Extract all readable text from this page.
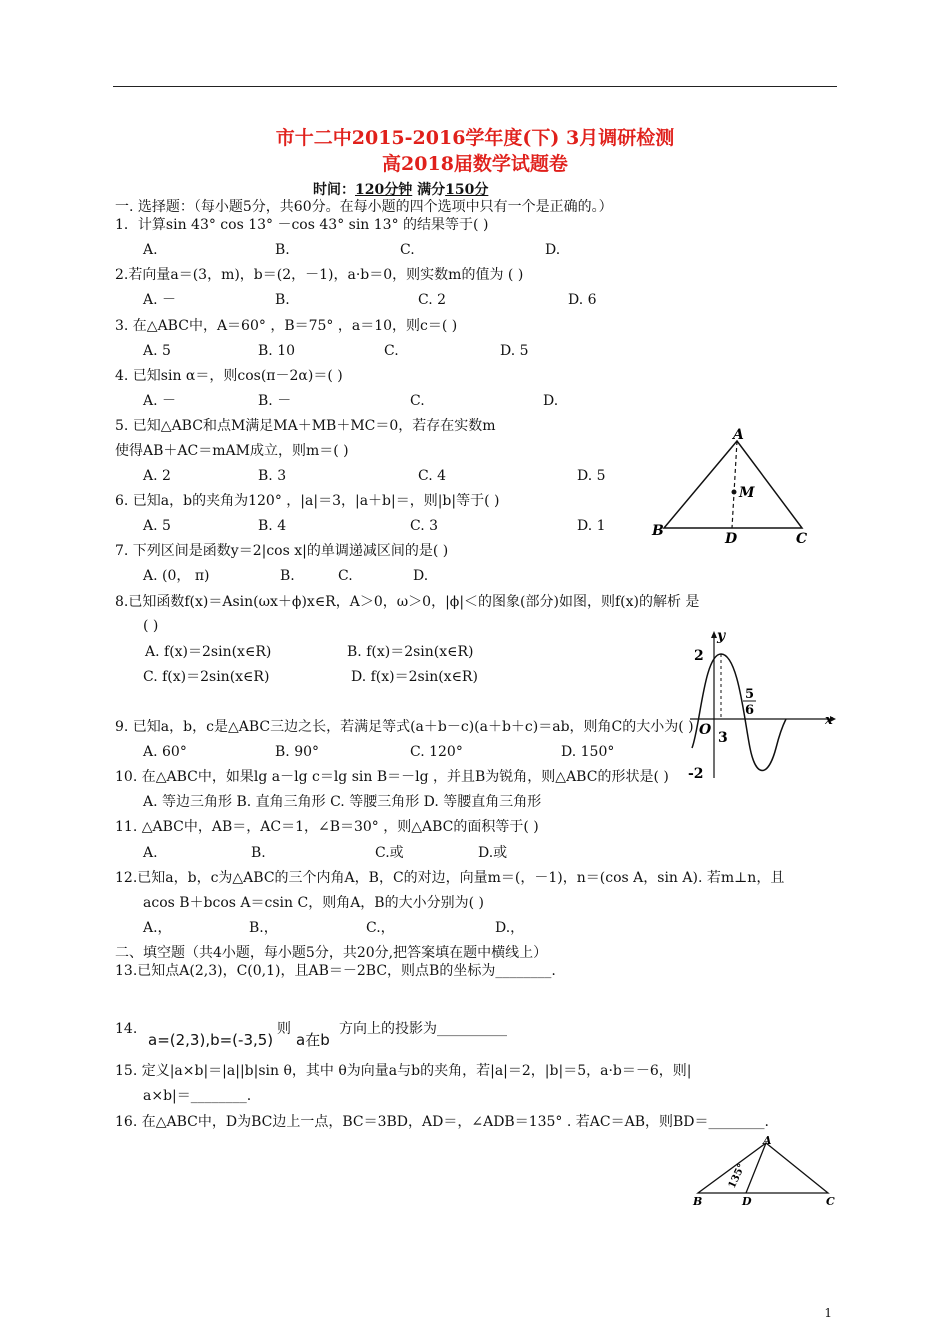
市十二中2015-2016学年度(下) 3月调研检测
高2018届数学试题卷
时间：120分钟 满分150分
一. 选择题：（每小题5分，共60分。在每小题的四个选项中只有一个是正确的。）
1．计算sin 43° cos 13° －cos 43° sin 13° 的结果等于( )
A.	B.	C.	D.
2.若向量a＝(3，m)，b＝(2，－1)，a·b＝0，则实数m的值为 ( )
A. －	B.	C. 2	D. 6
3. 在△ABC中，A＝60° ，B＝75° ，a＝10，则c＝( )
A. 5	B. 10	C.	D. 5
4. 已知sin α＝，则cos(π－2α)＝( )
A. －	B. －	C.	D.
5. 已知△ABC和点M满足MA＋MB＋MC＝0，若存在实数m
使得AB＋AC＝mAM成立，则m＝( )
A. 2	B. 3	C. 4	D. 5
6. 已知a，b的夹角为120° ，|a|＝3，|a＋b|＝，则|b|等于( )
A. 5	B. 4	C. 3	D. 1
7. 下列区间是函数y＝2|cos x|的单调递减区间的是( )
A. (0， π)	B.	C.	D.
8.已知函数f(x)＝Asin(ωx＋ϕ)x∈R，A＞0，ω＞0，|ϕ|＜的图象(部分)如图，则f(x)的解析 是
( )
A. f(x)＝2sin(x∈R)	B. f(x)＝2sin(x∈R)
C. f(x)＝2sin(x∈R)	D. f(x)＝2sin(x∈R)
9. 已知a，b，c是△ABC三边之长，若满足等式(a＋b－c)(a＋b＋c)＝ab，则角C的大小为( )
A. 60°	B. 90°	C. 120°	D. 150°
10. 在△ABC中，如果lg a－lg c＝lg sin B＝－lg ，并且B为锐角，则△ABC的形状是( )
A. 等边三角形 B. 直角三角形 C. 等腰三角形 D. 等腰直角三角形
11. △ABC中，AB＝，AC＝1，∠B＝30° ，则△ABC的面积等于( )
A.	B.	C.或	D.或
12.已知a，b，c为△ABC的三个内角A，B，C的对边，向量m＝(，－1)，n＝(cos A，sin A). 若m⊥n，且
acos B＋bcos A＝csin C，则角A，B的大小分别为( )
A.，	B.，	C.，	D.，
二、填空题（共4小题，每小题5分，共20分,把答案填在题中横线上）
13.已知点A(2,3)，C(0,1)，且AB＝－2BC，则点B的坐标为________.
14.
a=(2,3),b=(-3,5)
则
a在b
方向上的投影为__________
15. 定义|a×b|＝|a||b|sin θ，其中 θ为向量a与b的夹角，若|a|＝2，|b|＝5，a·b＝－6，则|
a×b|＝________.
16. 在△ABC中，D为BC边上一点，BC＝3BD，AD＝，∠ADB＝135° . 若AC＝AB，则BD＝________.
A
M
B	D	C
y
x
2
-2
O 3
5
6
A
B	D	C
135°
1
